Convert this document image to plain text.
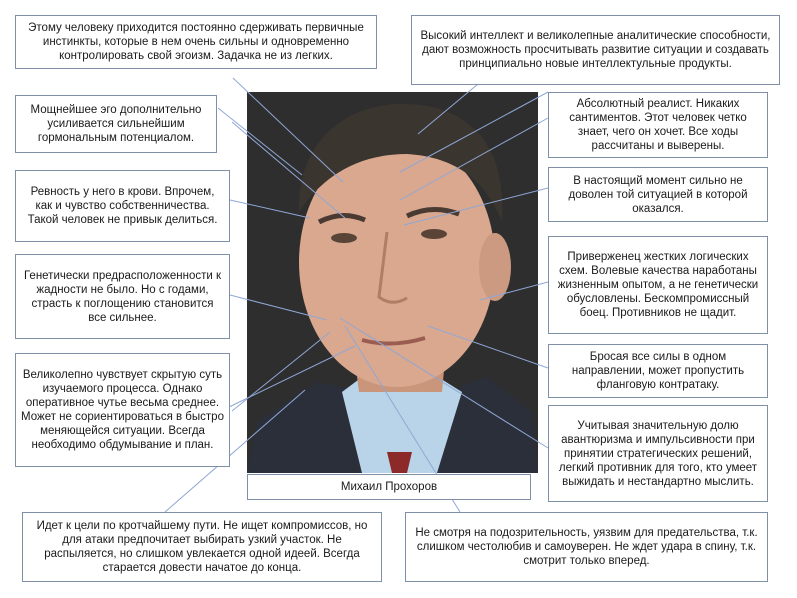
Этому человеку приходится постоянно сдерживать первичные инстинкты, которые в нем очень сильны и одновременно контролировать свой эгоизм. Задачка не из легких.
Мощнейшее эго дополнительно усиливается сильнейшим гормональным потенциалом.
Ревность у него в крови. Впрочем, как и чувство собственничества. Такой человек не привык делиться.
Генетически предрасположенности к жадности не было. Но с годами, страсть к поглощению становится все сильнее.
Великолепно чувствует скрытую суть изучаемого процесса. Однако оперативное чутье весьма среднее. Может не сориентироваться в быстро меняющейся ситуации. Всегда необходимо обдумывание и план.
Высокий интеллект и великолепные аналитические способности, дают возможность просчитывать развитие ситуации и создавать принципиально новые интеллектульные продукты.
Абсолютный реалист. Никаких сантиментов. Этот человек четко знает, чего он хочет. Все ходы рассчитаны и выверены.
В настоящий момент сильно не доволен той ситуацией в которой оказался.
Приверженец жестких логических схем. Волевые качества наработаны жизненным опытом, а не генетически обусловлены. Бескомпромиссный боец. Противников не щадит.
Бросая все силы в одном направлении, может пропустить фланговую контратаку.
Учитывая значительную долю авантюризма и импульсивности при принятии стратегических решений, легкий противник для того, кто умеет выжидать и нестандартно мыслить.
Михаил Прохоров
Идет к цели по кротчайшему пути. Не ищет компромиссов, но для атаки предпочитает выбирать узкий участок. Не распыляется, но слишком увлекается одной идеей. Всегда старается довести начатое до конца.
Не смотря на подозрительность, уязвим для предательства, т.к. слишком честолюбив и самоуверен. Не ждет удара в спину, т.к. смотрит только вперед.
